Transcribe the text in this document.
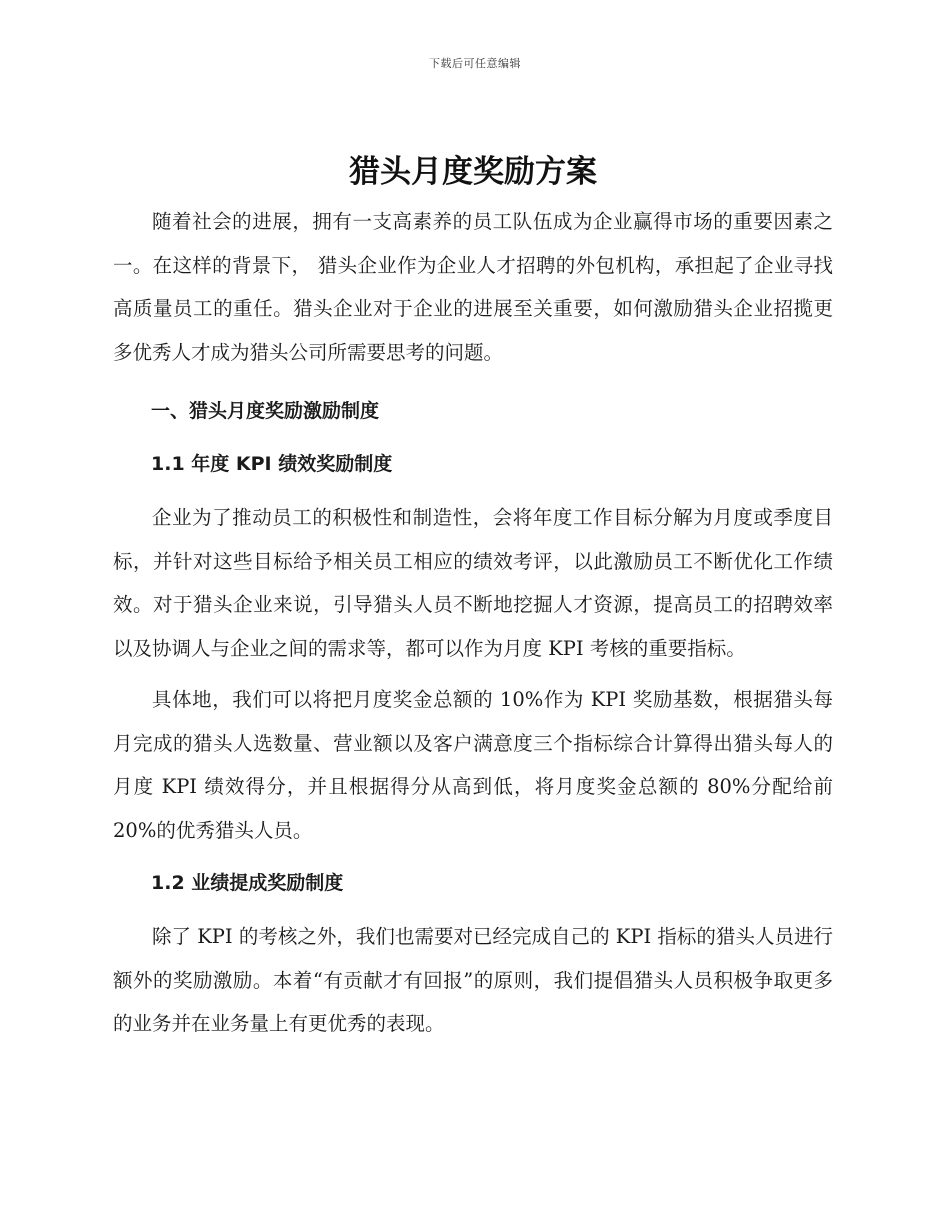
下载后可任意编辑
猎头月度奖励方案

随着社会的进展，拥有一支高素养的员工队伍成为企业赢得市场的重要因素之一。在这样的背景下， 猎头企业作为企业人才招聘的外包机构，承担起了企业寻找高质量员工的重任。猎头企业对于企业的进展至关重要，如何激励猎头企业招揽更多优秀人才成为猎头公司所需要思考的问题。

一、猎头月度奖励激励制度
1.1 年度 KPI 绩效奖励制度

企业为了推动员工的积极性和制造性，会将年度工作目标分解为月度或季度目标，并针对这些目标给予相关员工相应的绩效考评，以此激励员工不断优化工作绩效。对于猎头企业来说，引导猎头人员不断地挖掘人才资源，提高员工的招聘效率以及协调人与企业之间的需求等，都可以作为月度 KPI 考核的重要指标。

具体地，我们可以将把月度奖金总额的 10%作为 KPI 奖励基数，根据猎头每月完成的猎头人选数量、营业额以及客户满意度三个指标综合计算得出猎头每人的月度 KPI 绩效得分，并且根据得分从高到低，将月度奖金总额的 80%分配给前 20%的优秀猎头人员。

1.2 业绩提成奖励制度

除了 KPI 的考核之外，我们也需要对已经完成自己的 KPI 指标的猎头人员进行额外的奖励激励。本着“有贡献才有回报”的原则，我们提倡猎头人员积极争取更多的业务并在业务量上有更优秀的表现。
